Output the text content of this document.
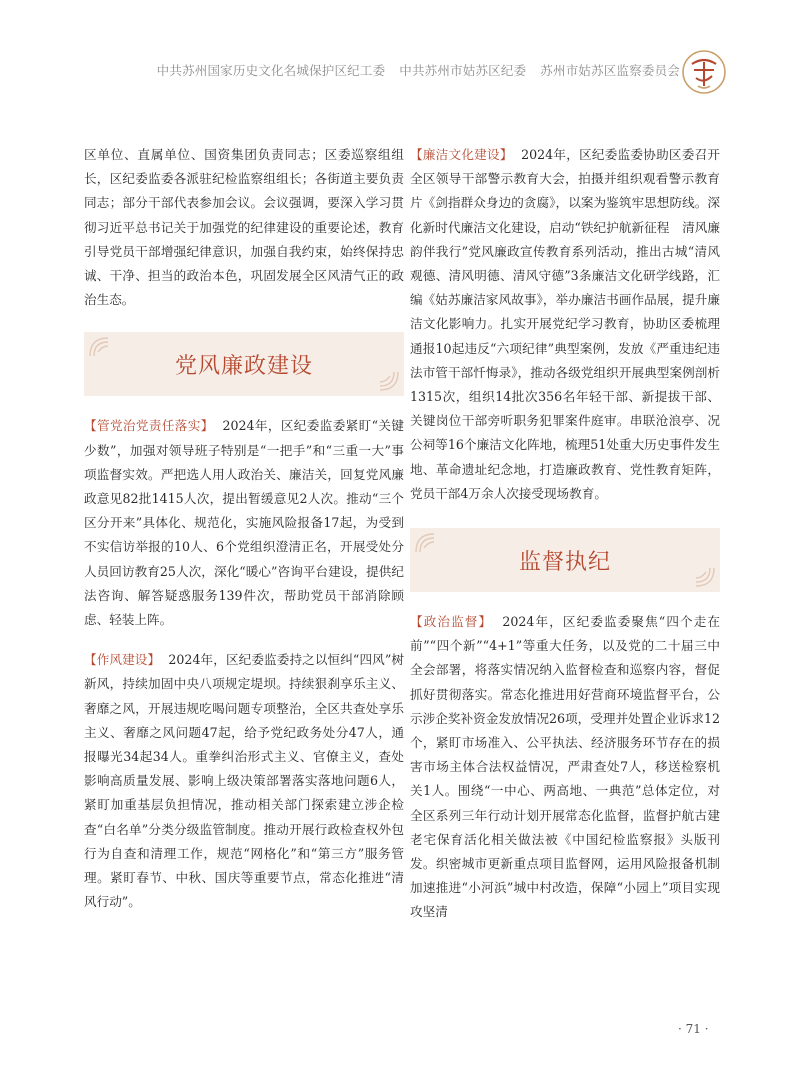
中共苏州国家历史文化名城保护区纪工委 中共苏州市姑苏区纪委 苏州市姑苏区监察委员会

区单位、直属单位、国资集团负责同志；区委巡察组组长，区纪委监委各派驻纪检监察组组长；各街道主要负责同志；部分干部代表参加会议。会议强调，要深入学习贯彻习近平总书记关于加强党的纪律建设的重要论述，教育引导党员干部增强纪律意识，加强自我约束，始终保持忠诚、干净、担当的政治本色，巩固发展全区风清气正的政治生态。

党风廉政建设

【管党治党责任落实】 2024年，区纪委监委紧盯“关键少数”，加强对领导班子特别是“一把手”和“三重一大”事项监督实效。严把选人用人政治关、廉洁关，回复党风廉政意见82批1415人次，提出暂缓意见2人次。推动“三个区分开来”具体化、规范化，实施风险报备17起，为受到不实信访举报的10人、6个党组织澄清正名，开展受处分人员回访教育25人次，深化“暖心”咨询平台建设，提供纪法咨询、解答疑惑服务139件次，帮助党员干部消除顾虑、轻装上阵。

【作风建设】 2024年，区纪委监委持之以恒纠“四风”树新风，持续加固中央八项规定堤坝。持续狠刹享乐主义、奢靡之风，开展违规吃喝问题专项整治，全区共查处享乐主义、奢靡之风问题47起，给予党纪政务处分47人，通报曝光34起34人。重拳纠治形式主义、官僚主义，查处影响高质量发展、影响上级决策部署落实落地问题6人，紧盯加重基层负担情况，推动相关部门探索建立涉企检查“白名单”分类分级监管制度。推动开展行政检查权外包行为自查和清理工作，规范“网格化”和“第三方”服务管理。紧盯春节、中秋、国庆等重要节点，常态化推进“清风行动”。

【廉洁文化建设】 2024年，区纪委监委协助区委召开全区领导干部警示教育大会，拍摄并组织观看警示教育片《剑指群众身边的贪腐》，以案为鉴筑牢思想防线。深化新时代廉洁文化建设，启动“铁纪护航新征程　清风廉韵伴我行”党风廉政宣传教育系列活动，推出古城“清风观德、清风明德、清风守德”3条廉洁文化研学线路，汇编《姑苏廉洁家风故事》，举办廉洁书画作品展，提升廉洁文化影响力。扎实开展党纪学习教育，协助区委梳理通报10起违反“六项纪律”典型案例，发放《严重违纪违法市管干部忏悔录》，推动各级党组织开展典型案例剖析1315次，组织14批次356名年轻干部、新提拔干部、关键岗位干部旁听职务犯罪案件庭审。串联沧浪亭、况公祠等16个廉洁文化阵地，梳理51处重大历史事件发生地、革命遗址纪念地，打造廉政教育、党性教育矩阵，党员干部4万余人次接受现场教育。

监督执纪

【政治监督】 2024年，区纪委监委聚焦“四个走在前”“四个新”“4+1”等重大任务，以及党的二十届三中全会部署，将落实情况纳入监督检查和巡察内容，督促抓好贯彻落实。常态化推进用好营商环境监督平台，公示涉企奖补资金发放情况26项，受理并处置企业诉求12个，紧盯市场准入、公平执法、经济服务环节存在的损害市场主体合法权益情况，严肃查处7人，移送检察机关1人。围绕“一中心、两高地、一典范”总体定位，对全区系列三年行动计划开展常态化监督，监督护航古建老宅保育活化相关做法被《中国纪检监察报》头版刊发。织密城市更新重点项目监督网，运用风险报备机制加速推进“小河浜”城中村改造，保障“小园上”项目实现攻坚清

· 71 ·
